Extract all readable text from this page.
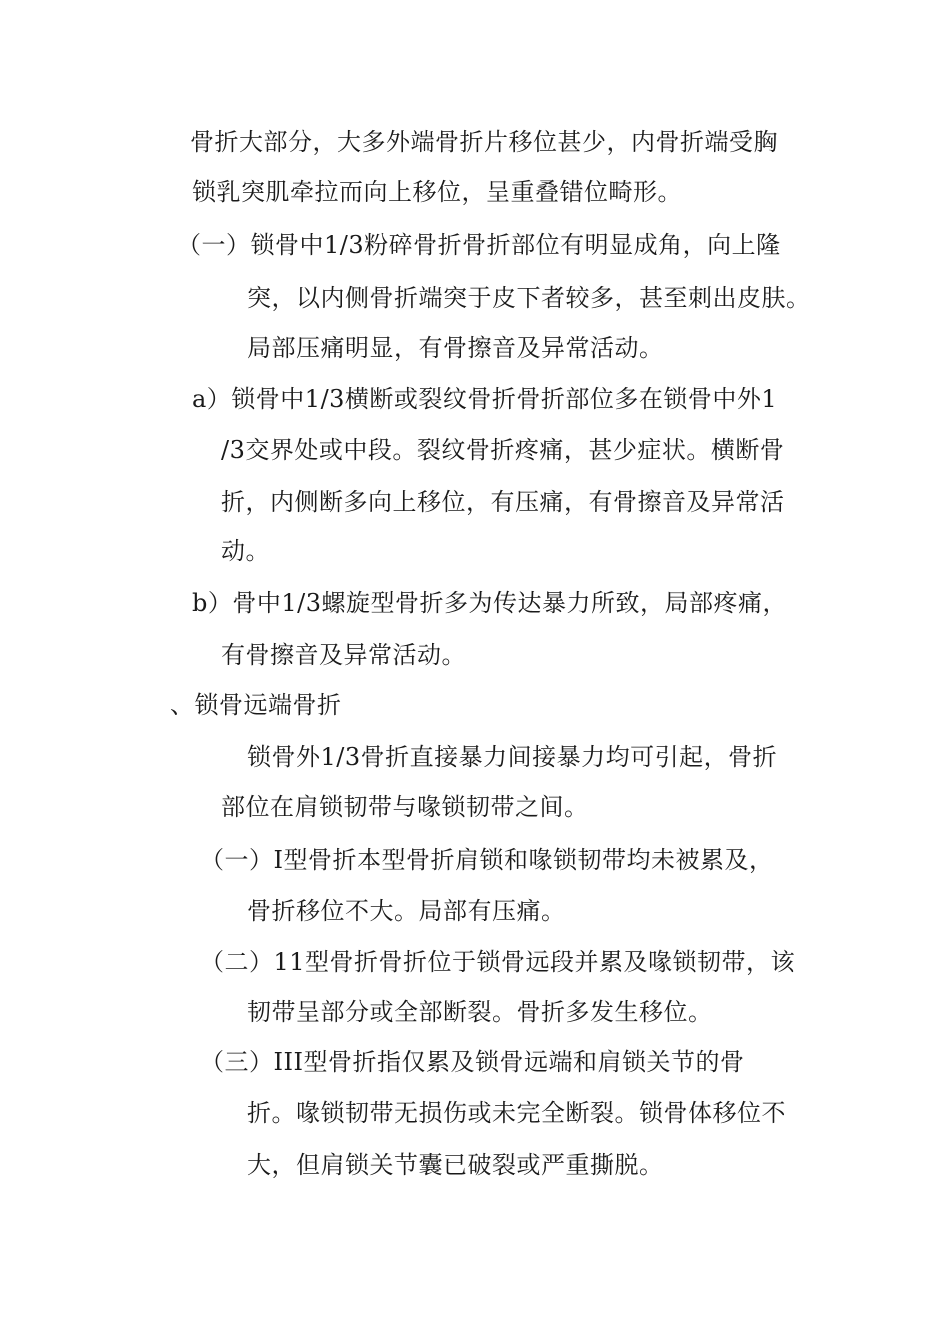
骨折大部分，大多外端骨折片移位甚少，内骨折端受胸
锁乳突肌牵拉而向上移位，呈重叠错位畸形。
（一）锁骨中1/3粉碎骨折骨折部位有明显成角，向上隆
突，以内侧骨折端突于皮下者较多，甚至刺出皮肤。
局部压痛明显，有骨擦音及异常活动。
a）锁骨中1/3横断或裂纹骨折骨折部位多在锁骨中外1
/3交界处或中段。裂纹骨折疼痛，甚少症状。横断骨
折，内侧断多向上移位，有压痛，有骨擦音及异常活
动。
b）骨中1/3螺旋型骨折多为传达暴力所致，局部疼痛，
有骨擦音及异常活动。
、锁骨远端骨折
锁骨外1/3骨折直接暴力间接暴力均可引起，骨折
部位在肩锁韧带与喙锁韧带之间。
（一）I型骨折本型骨折肩锁和喙锁韧带均未被累及，
骨折移位不大。局部有压痛。
（二）11型骨折骨折位于锁骨远段并累及喙锁韧带，该
韧带呈部分或全部断裂。骨折多发生移位。
（三）III型骨折指仅累及锁骨远端和肩锁关节的骨
折。喙锁韧带无损伤或未完全断裂。锁骨体移位不
大，但肩锁关节囊已破裂或严重撕脱。
